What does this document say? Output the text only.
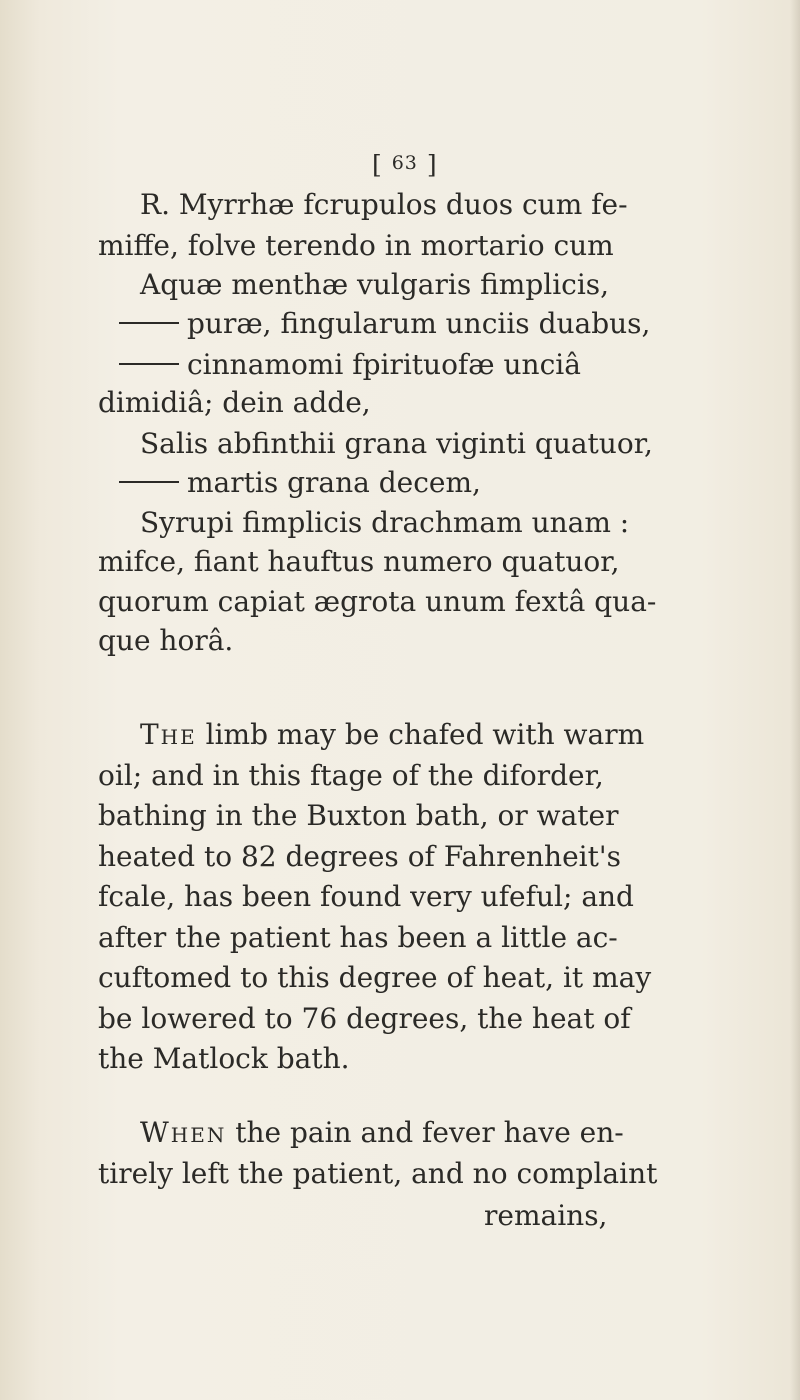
[ 63 ]
R. Myrrhæ fcrupulos duos cum fe-
miffe, folve terendo in mortario cum
Aquæ menthæ vulgaris fimplicis,
puræ, fingularum unciis duabus,
cinnamomi fpirituofæ unciâ
dimidiâ; dein adde,
Salis abfinthii grana viginti quatuor,
martis grana decem,
Syrupi fimplicis drachmam unam :
mifce, fiant hauftus numero quatuor,
quorum capiat ægrota unum fextâ qua-
que horâ.
The limb may be chafed with warm
oil; and in this ftage of the diforder,
bathing in the Buxton bath, or water
heated to 82 degrees of Fahrenheit's
fcale, has been found very ufeful; and
after the patient has been a little ac-
cuftomed to this degree of heat, it may
be lowered to 76 degrees, the heat of
the Matlock bath.
When the pain and fever have en-
tirely left the patient, and no complaint
remains,
